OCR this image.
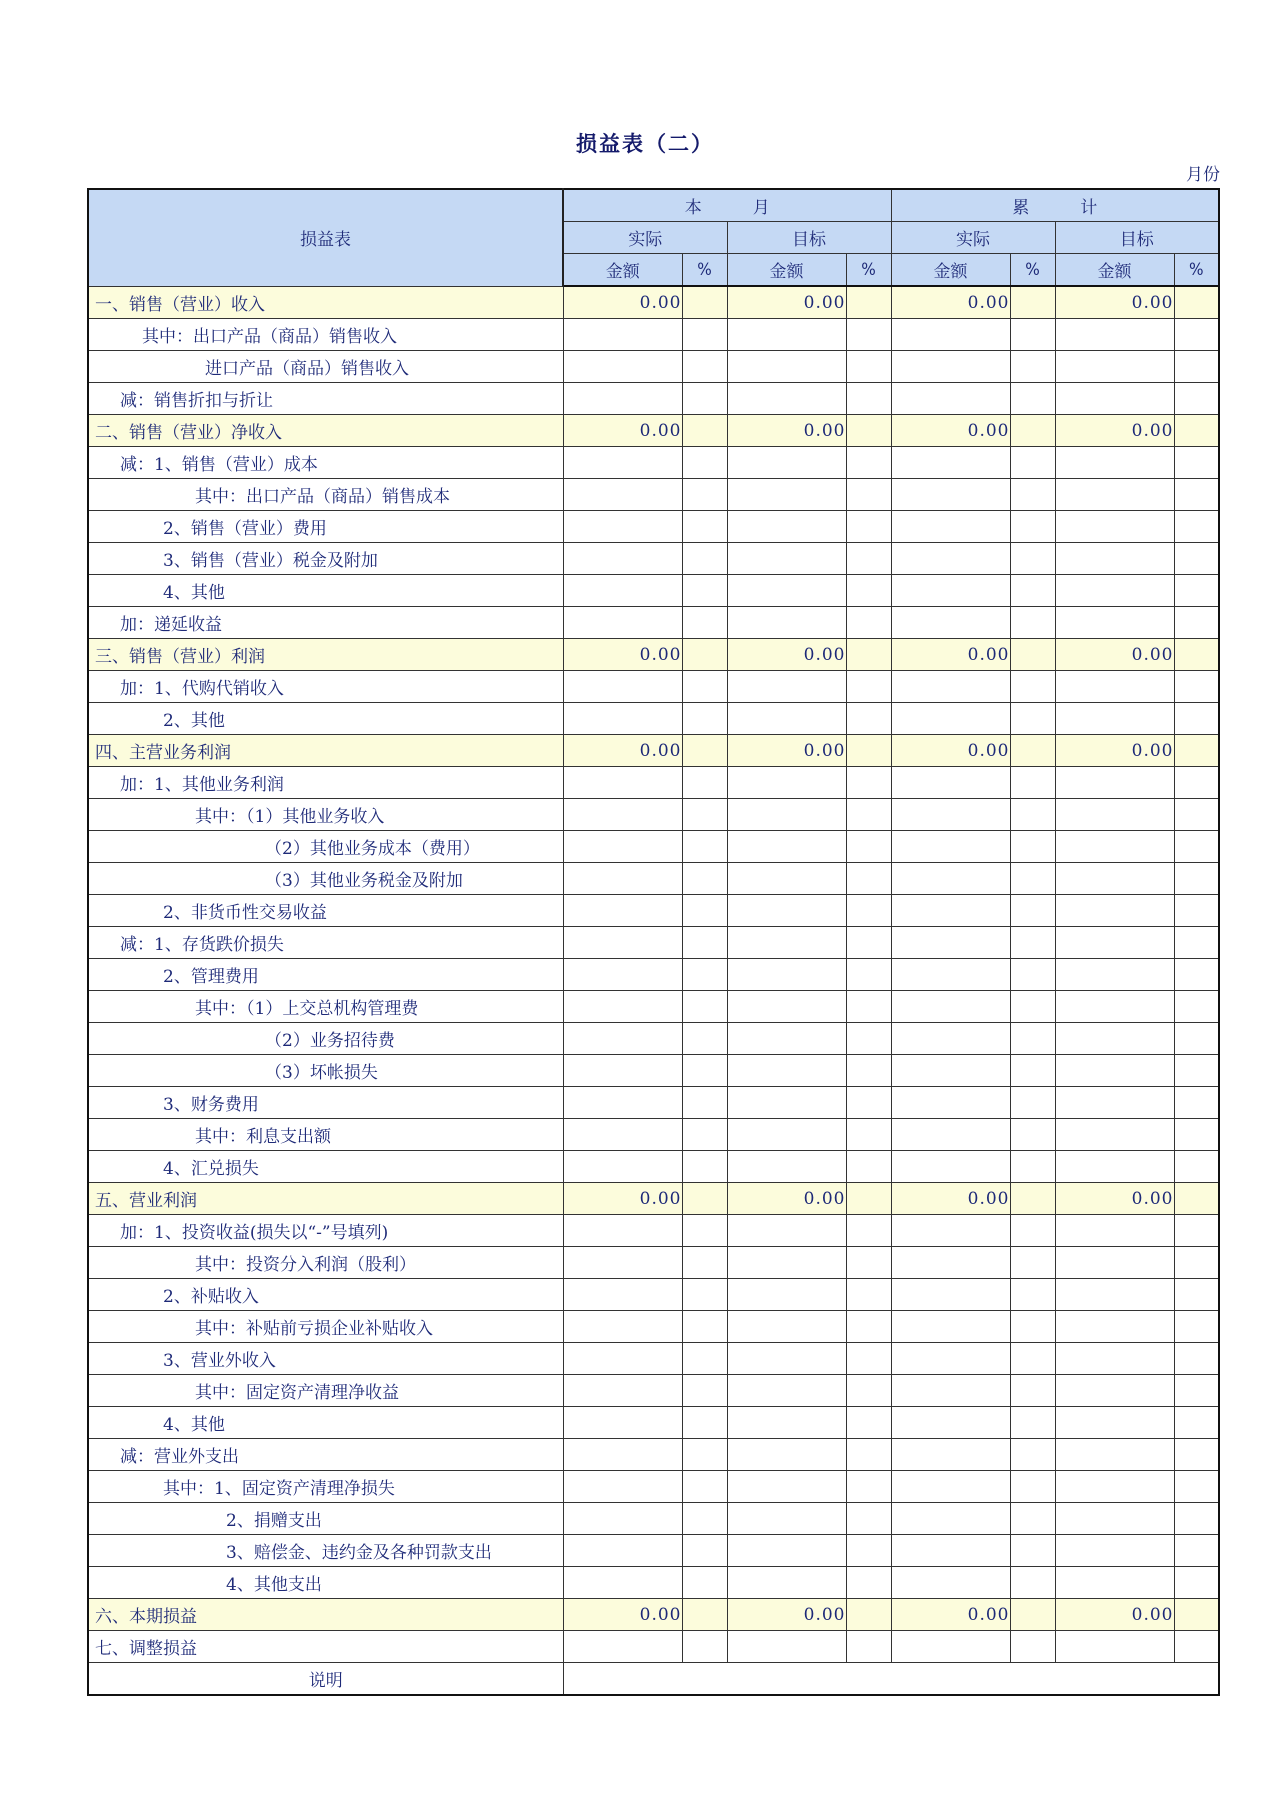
损益表（二）
月份
损益表	本　　　月				累　　　计			
	实际		目标		实际		目标	
	金额	%	金额	%	金额	%	金额	%
一、销售（营业）收入	0.00		0.00		0.00		0.00	
其中：出口产品（商品）销售收入								
进口产品（商品）销售收入								
减：销售折扣与折让								
二、销售（营业）净收入	0.00		0.00		0.00		0.00	
减：1、销售（营业）成本								
其中：出口产品（商品）销售成本								
2、销售（营业）费用								
3、销售（营业）税金及附加								
4、其他								
加：递延收益								
三、销售（营业）利润	0.00		0.00		0.00		0.00	
加：1、代购代销收入								
2、其他								
四、主营业务利润	0.00		0.00		0.00		0.00	
加：1、其他业务利润								
其中：（1）其他业务收入								
（2）其他业务成本（费用）								
（3）其他业务税金及附加								
2、非货币性交易收益								
减：1、存货跌价损失								
2、管理费用								
其中：（1）上交总机构管理费								
（2）业务招待费								
（3）坏帐损失								
3、财务费用								
其中：利息支出额								
4、汇兑损失								
五、营业利润	0.00		0.00		0.00		0.00	
加：1、投资收益(损失以“-”号填列)								
其中：投资分入利润（股利）								
2、补贴收入								
其中：补贴前亏损企业补贴收入								
3、营业外收入								
其中：固定资产清理净收益								
4、其他								
减：营业外支出								
其中：1、固定资产清理净损失								
2、捐赠支出								
3、赔偿金、违约金及各种罚款支出								
4、其他支出								
六、本期损益	0.00		0.00		0.00		0.00	
七、调整损益								
说明								
